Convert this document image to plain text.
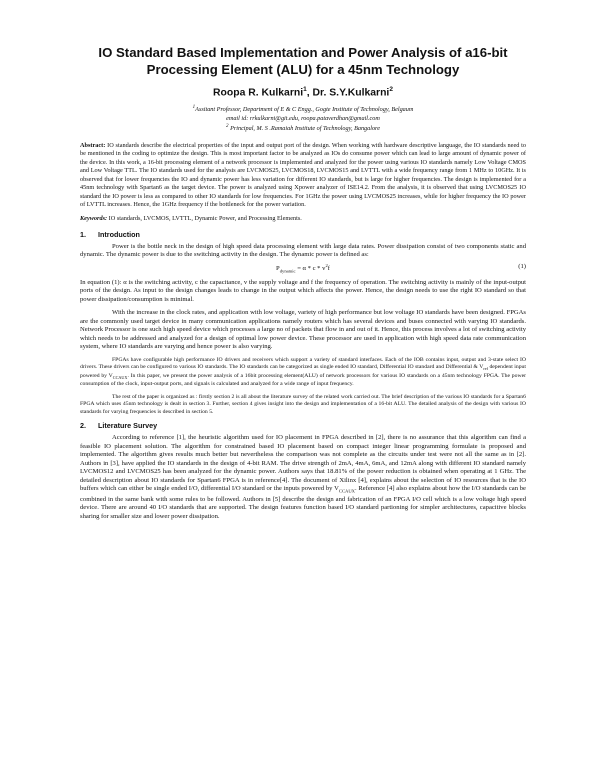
IO Standard Based Implementation and Power Analysis of a16-bit
Processing Element (ALU) for a 45nm Technology
Roopa R. Kulkarni$^1$, Dr. S.Y.Kulkarni$^2$
$^1$Assitant Professor, Department of E & C Engg., Gogte Institute of Technology, Belgaum
email id: rrkulkarni@git.edu, roopa.pataverdhan@gmail.com
$^2$ Principal, M. S .Ramaiah Institute of Technology, Bangalore

Abstract: IO standards describe the electrical properties of the input and output port of the design. When working with hardware descriptive language, the IO standards need to be mentioned in the coding to optimize the design. This is most important factor to be analyzed as IOs do consume power which can lead to large amount of dynamic power of the device. In this work, a 16-bit processing element of a network processor is implemented and analyzed for the power using various IO standards namely Low Voltage CMOS and Low Voltage TTL. The IO standards used for the analysis are LVCMOS25, LVCMOS18, LVCMOS15 and LVTTL with a wide frequency range from 1 MHz to 10GHz. It is observed that for lower frequencies the IO and dynamic power has less variation for different IO standards, but is large for higher frequencies. The design is implemented for a 45nm technology with Spartan6 as the target device. The power is analyzed using Xpower analyzer of ISE14.2. From the analysis, it is observed that using LVCMOS25 IO standard the IO power is less as compared to other IO standards for low frequencies. For 1GHz the power using LVCMOS25 increases, while for higher frequency the IO power of LVTTL increases. Hence, the 1GHz frequency if the bottleneck for the power variation.

Keywords: IO standards, LVCMOS, LVTTL, Dynamic Power, and Processing Elements.

1. Introduction

Power is the bottle neck in the design of high speed data processing element with large data rates. Power dissipation consist of two components static and dynamic. The dynamic power is due to the switching activity in the design. The dynamic power is defined as:

$P_{dynamic} = \alpha * c * v^2f$	(1)

In equation (1): α is the switching activity, c the capacitance, v the supply voltage and f the frequency of operation. The switching activity is mainly of the input-output ports of the design. As input to the design changes leads to change in the output which affects the power. Hence, the design needs to use the right IO standard so that power dissipation/consumption is minimal.

With the increase in the clock rates, and application with low voltage, variety of high performance but low voltage IO standards have been designed. FPGAs are the commonly used target device in many communication applications namely routers which has several devices and buses connected with varying IO standards. Network Processor is one such high speed device which processes a large no of packets that flow in and out of it. Hence, this process involves a lot of switching activity which needs to be addressed and analyzed for a design of optimal low power device. These processor are used in application with high speed data rate communication system, where IO standards are varying and hence power is also varying.

FPGAs have configurable high performance IO drivers and receivers which support a variety of standard interfaces. Each of the IOB contains input, output and 3-state select IO drivers. These drivers can be configured to various IO standards. The IO standards can be categorized as single ended IO standard, Differential IO standard and Differential & $V_{ref}$ dependent input powered by $V_{CCAUX}$. In this paper, we present the power analysis of a 16bit processing element(ALU) of network processors for various IO standards on a 45nm technology FPGA. The power consumption of the clock, input-output ports, and signals is calculated and analyzed for a wide range of input frequency.

The rest of the paper is organized as : firstly section 2 is all about the literature survey of the related work carried out. The brief description of the various IO standards for a Spartan6 FPGA which uses 45nm technology is dealt in section 3. Further, section 4 gives insight into the design and implementation of a 16-bit ALU. The detailed analysis of the design with various IO standards for varying frequencies is described in section 5.

2. Literature Survey

According to reference [1], the heuristic algorithm used for IO placement in FPGA described in [2], there is no assurance that this algorithm can find a feasible IO placement solution. The algorithm for constrained based IO placement based on compact integer linear programming formulate is proposed and implemented. The algorithm gives results much better but nevertheless the comparison was not complete as the circuits under test were not all the same as in [2]. Authors in [3], have applied the IO standards in the design of 4-bit RAM. The drive strength of 2mA, 4mA, 6mA, and 12mA along with different IO standard namely LVCMOS12 and LVCMOS25 has been analyzed for the dynamic power. Authors says that 18.81% of the power reduction is obtained when operating at 1 GHz. The detailed description about IO standards for Spartan6 FPGA is in reference[4]. The document of Xilinx [4], explains about the selection of IO resources that is the IO buffers which can either be single ended I/O, differential I/O standard or the inputs powered by $V_{CCAUX}$. Reference [4] also explains about how the I/O standards can be combined in the same bank with some rules to be followed. Authors in [5] describe the design and fabrication of an FPGA I/O cell which is a low voltage high speed device. There are around 40 I/O standards that are supported. The design features function based I/O standard partioning for simpler architectures, capacitive blocks sharing for smaller size and lower power dissipation.
